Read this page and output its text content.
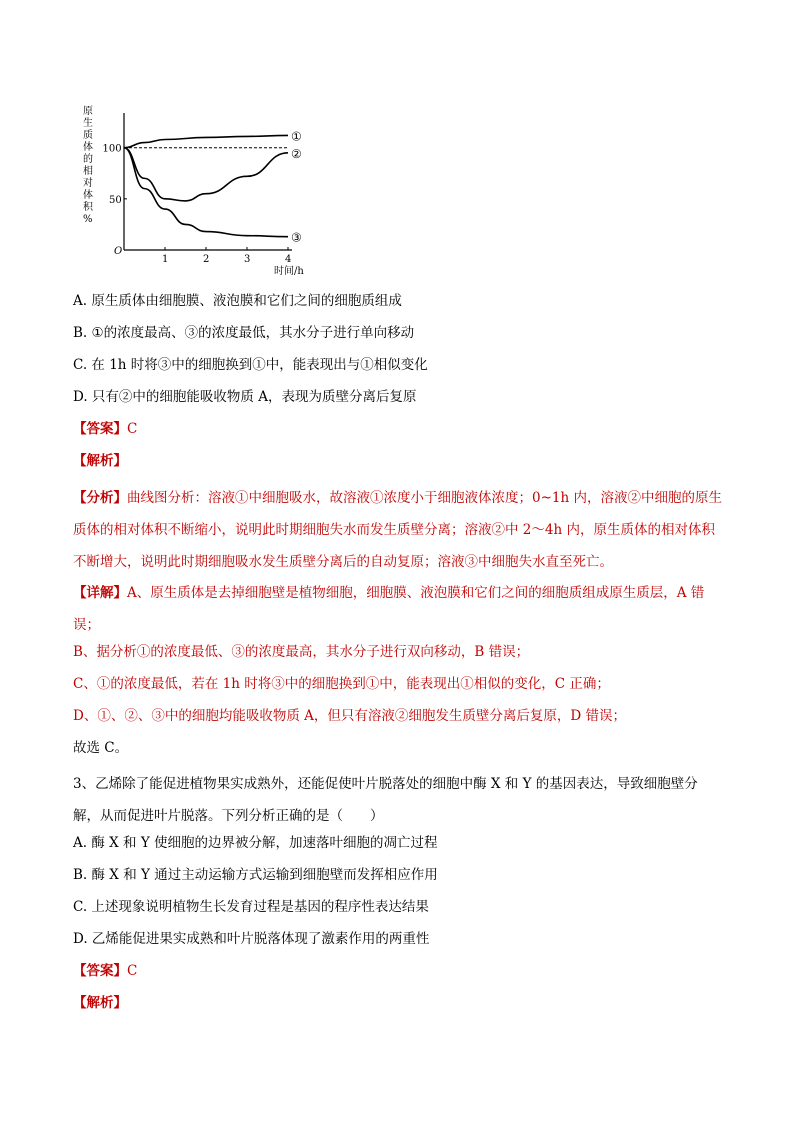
O
1	2	3	4
时间/h
50
100
原
生
质
体
的
相
对
体
积
%
①
②
③
A. 原生质体由细胞膜、液泡膜和它们之间的细胞质组成
B. ①的浓度最高、③的浓度最低，其水分子进行单向移动
C. 在 1h 时将③中的细胞换到①中，能表现出与①相似变化
D. 只有②中的细胞能吸收物质 A，表现为质壁分离后复原
【答案】C
【解析】
【分析】曲线图分析：溶液①中细胞吸水，故溶液①浓度小于细胞液体浓度；0~1h 内，溶液②中细胞的原生质体的相对体积不断缩小，说明此时期细胞失水而发生质壁分离；溶液②中 2～4h 内，原生质体的相对体积不断增大，说明此时期细胞吸水发生质壁分离后的自动复原；溶液③中细胞失水直至死亡。
【详解】A、原生质体是去掉细胞壁是植物细胞，细胞膜、液泡膜和它们之间的细胞质组成原生质层，A 错误；
B、据分析①的浓度最低、③的浓度最高，其水分子进行双向移动，B 错误；
C、①的浓度最低，若在 1h 时将③中的细胞换到①中，能表现出①相似的变化，C 正确；
D、①、②、③中的细胞均能吸收物质 A，但只有溶液②细胞发生质壁分离后复原，D 错误；
故选 C。
3、乙烯除了能促进植物果实成熟外，还能促使叶片脱落处的细胞中酶 X 和 Y 的基因表达，导致细胞壁分解，从而促进叶片脱落。下列分析正确的是（　　）
A. 酶 X 和 Y 使细胞的边界被分解，加速落叶细胞的凋亡过程
B. 酶 X 和 Y 通过主动运输方式运输到细胞壁而发挥相应作用
C. 上述现象说明植物生长发育过程是基因的程序性表达结果
D. 乙烯能促进果实成熟和叶片脱落体现了激素作用的两重性
【答案】C
【解析】
